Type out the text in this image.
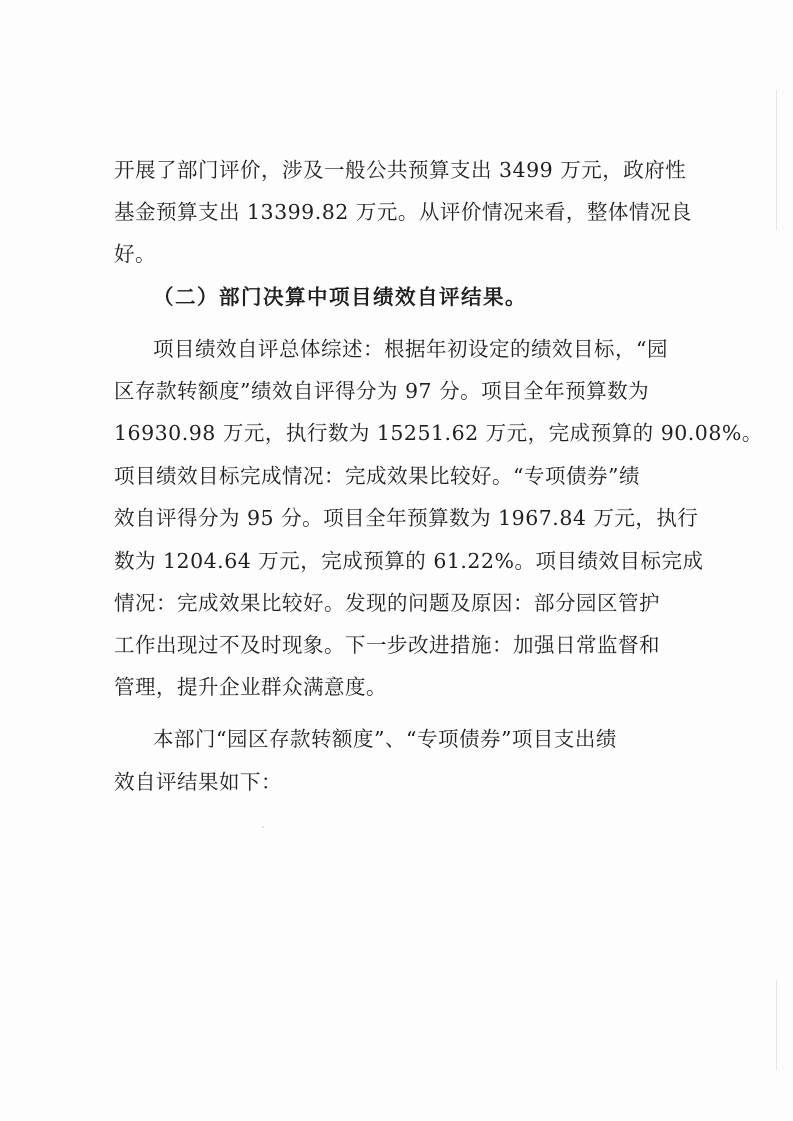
开展了部门评价，涉及一般公共预算支出 3499 万元，政府性
基金预算支出 13399.82 万元。从评价情况来看，整体情况良
好。
（二）部门决算中项目绩效自评结果。
项目绩效自评总体综述：根据年初设定的绩效目标，“园
区存款转额度”绩效自评得分为 97 分。项目全年预算数为
16930.98 万元，执行数为 15251.62 万元，完成预算的 90.08%。
项目绩效目标完成情况：完成效果比较好。“专项债券”绩
效自评得分为 95 分。项目全年预算数为 1967.84 万元，执行
数为 1204.64 万元，完成预算的 61.22%。项目绩效目标完成
情况：完成效果比较好。发现的问题及原因：部分园区管护
工作出现过不及时现象。下一步改进措施：加强日常监督和
管理，提升企业群众满意度。
本部门“园区存款转额度”、“专项债券”项目支出绩
效自评结果如下：
